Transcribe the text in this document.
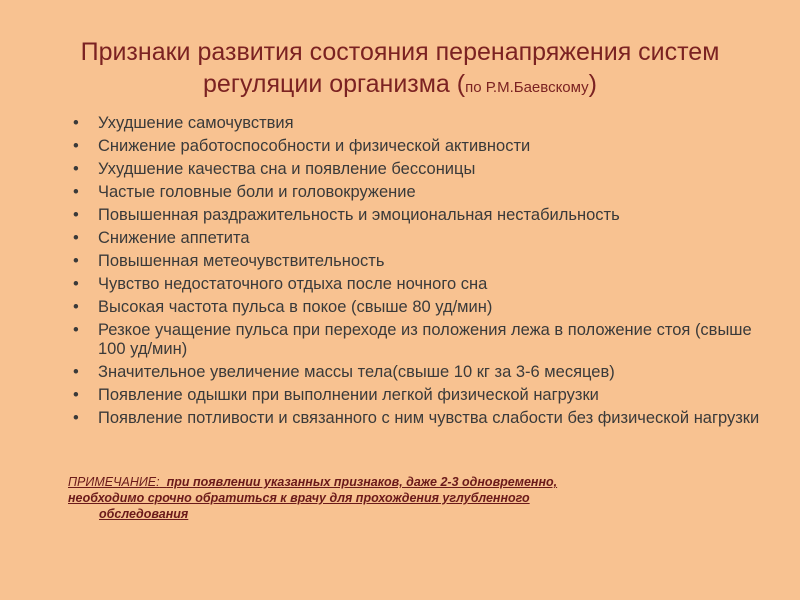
Признаки развития состояния перенапряжения систем регуляции организма (по Р.М.Баевскому)
• Ухудшение самочувствия
• Снижение работоспособности и физической активности
• Ухудшение качества сна и появление бессоницы
• Частые головные боли и головокружение
• Повышенная раздражительность и эмоциональная нестабильность
• Снижение аппетита
• Повышенная метеочувствительность
• Чувство недостаточного отдыха после ночного сна
• Высокая частота пульса в покое (свыше 80 уд/мин)
• Резкое учащение пульса при переходе из положения лежа в положение стоя (свыше 100 уд/мин)
• Значительное увеличение массы тела(свыше 10 кг за 3-6 месяцев)
• Появление одышки при выполнении легкой физической нагрузки
• Появление потливости и связанного с ним чувства слабости без физической нагрузки
ПРИМЕЧАНИЕ: при появлении указанных признаков, даже 2-3 одновременно,
необходимо срочно обратиться к врачу для прохождения углубленного
обследования
